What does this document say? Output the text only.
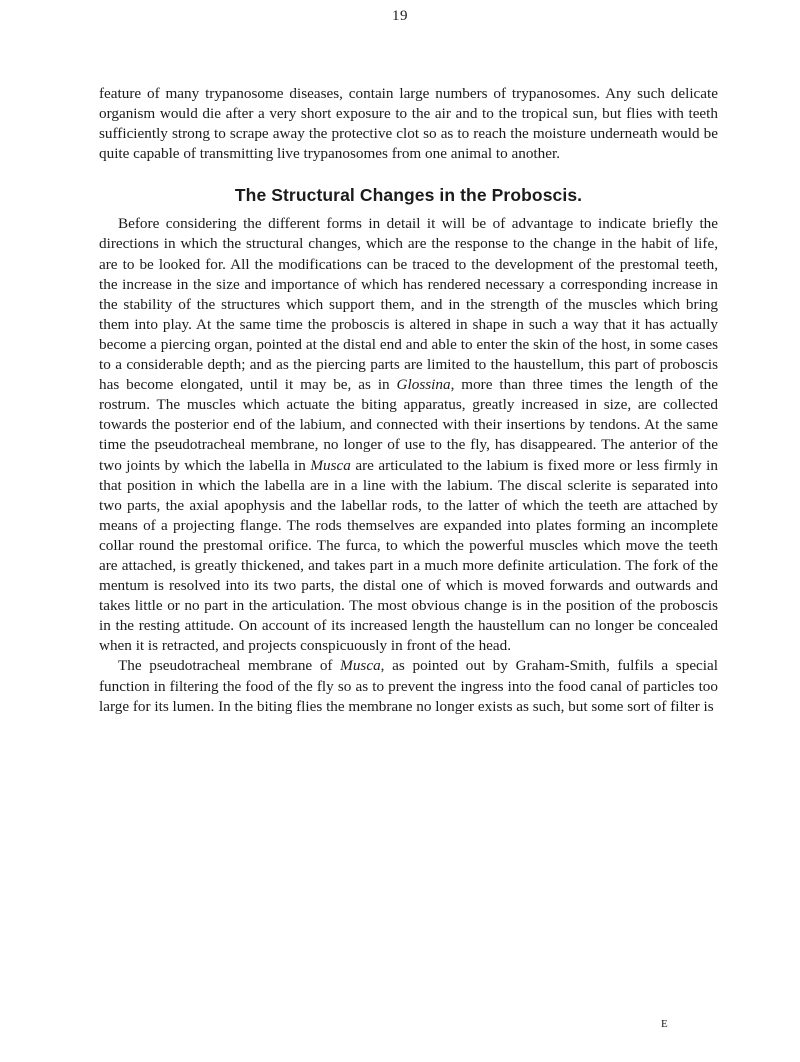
19

feature of many trypanosome diseases, contain large numbers of trypanosomes. Any such delicate organism would die after a very short exposure to the air and to the tropical sun, but flies with teeth sufficiently strong to scrape away the protective clot so as to reach the moisture underneath would be quite capable of transmitting live trypanosomes from one animal to another.

The Structural Changes in the Proboscis.

Before considering the different forms in detail it will be of advantage to indicate briefly the directions in which the structural changes, which are the response to the change in the habit of life, are to be looked for. All the modifications can be traced to the development of the prestomal teeth, the increase in the size and importance of which has rendered necessary a corresponding increase in the stability of the structures which support them, and in the strength of the muscles which bring them into play. At the same time the proboscis is altered in shape in such a way that it has actually become a piercing organ, pointed at the distal end and able to enter the skin of the host, in some cases to a considerable depth; and as the piercing parts are limited to the haustellum, this part of proboscis has become elongated, until it may be, as in Glossina, more than three times the length of the rostrum. The muscles which actuate the biting apparatus, greatly increased in size, are collected towards the posterior end of the labium, and connected with their insertions by tendons. At the same time the pseudotracheal membrane, no longer of use to the fly, has disappeared. The anterior of the two joints by which the labella in Musca are articulated to the labium is fixed more or less firmly in that position in which the labella are in a line with the labium. The discal sclerite is separated into two parts, the axial apophysis and the labellar rods, to the latter of which the teeth are attached by means of a projecting flange. The rods themselves are expanded into plates forming an incomplete collar round the prestomal orifice. The furca, to which the powerful muscles which move the teeth are attached, is greatly thickened, and takes part in a much more definite articulation. The fork of the mentum is resolved into its two parts, the distal one of which is moved forwards and outwards and takes little or no part in the articulation. The most obvious change is in the position of the proboscis in the resting attitude. On account of its increased length the haustellum can no longer be concealed when it is retracted, and projects conspicuously in front of the head.

The pseudotracheal membrane of Musca, as pointed out by Graham-Smith, fulfils a special function in filtering the food of the fly so as to prevent the ingress into the food canal of particles too large for its lumen. In the biting flies the membrane no longer exists as such, but some sort of filter is

E
